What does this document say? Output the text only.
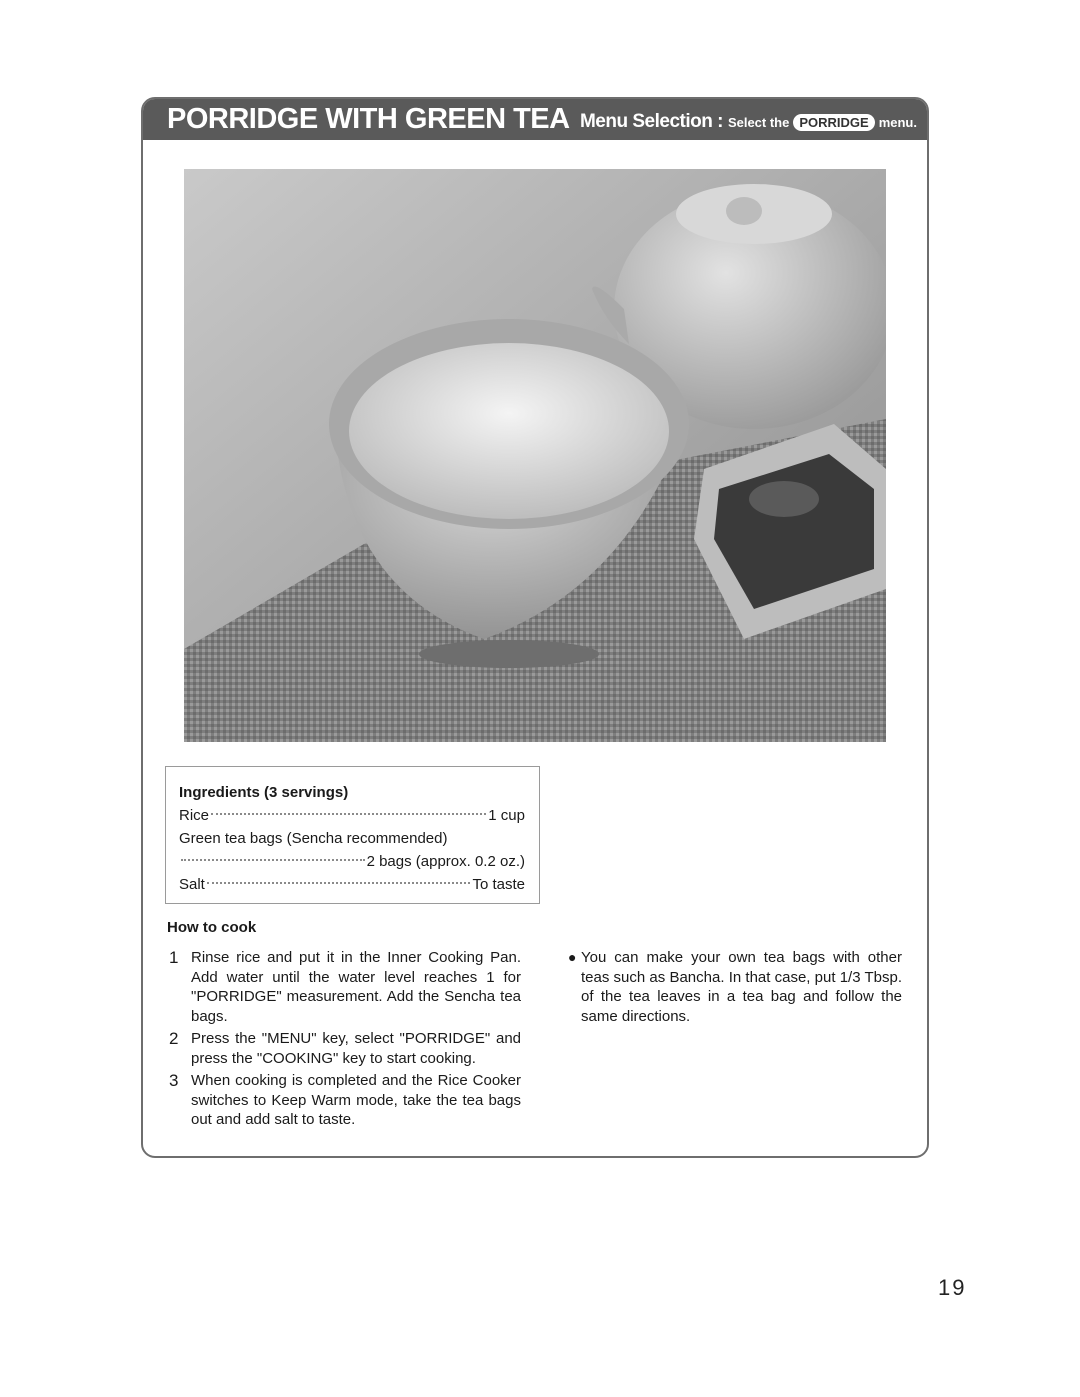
PORRIDGE WITH GREEN TEA Menu Selection : Select the PORRIDGE menu.
Ingredients (3 servings)
Rice	1 cup
Green tea bags (Sencha recommended)
2 bags (approx. 0.2 oz.)
Salt	To taste
How to cook
1 Rinse rice and put it in the Inner Cooking Pan. Add water until the water level reaches 1 for "PORRIDGE" measurement. Add the Sencha tea bags.
2 Press the "MENU" key, select "PORRIDGE" and press the "COOKING" key to start cooking.
3 When cooking is completed and the Rice Cooker switches to Keep Warm mode, take the tea bags out and add salt to taste.
● You can make your own tea bags with other teas such as Bancha. In that case, put 1/3 Tbsp. of the tea leaves in a tea bag and follow the same directions.
19
